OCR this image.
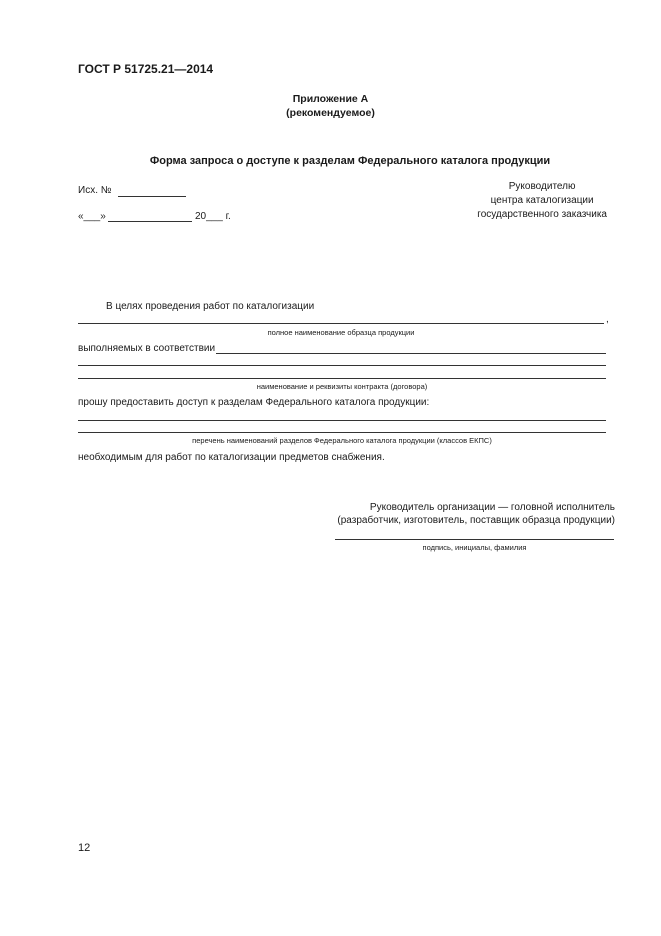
ГОСТ Р 51725.21—2014
Приложение А
(рекомендуемое)
Форма запроса о доступе к разделам Федерального каталога продукции
Исх. №
«___»	20___ г.
Руководителю
центра каталогизации
государственного заказчика
В целях проведения работ по каталогизации
,
полное наименование образца продукции
выполняемых в соответствии
наименование и реквизиты контракта (договора)
прошу предоставить доступ к разделам Федерального каталога продукции:
перечень наименований разделов Федерального каталога продукции (классов ЕКПС)
необходимым для работ по каталогизации предметов снабжения.
Руководитель организации — головной исполнитель
(разработчик, изготовитель, поставщик образца продукции)
подпись, инициалы, фамилия
12
